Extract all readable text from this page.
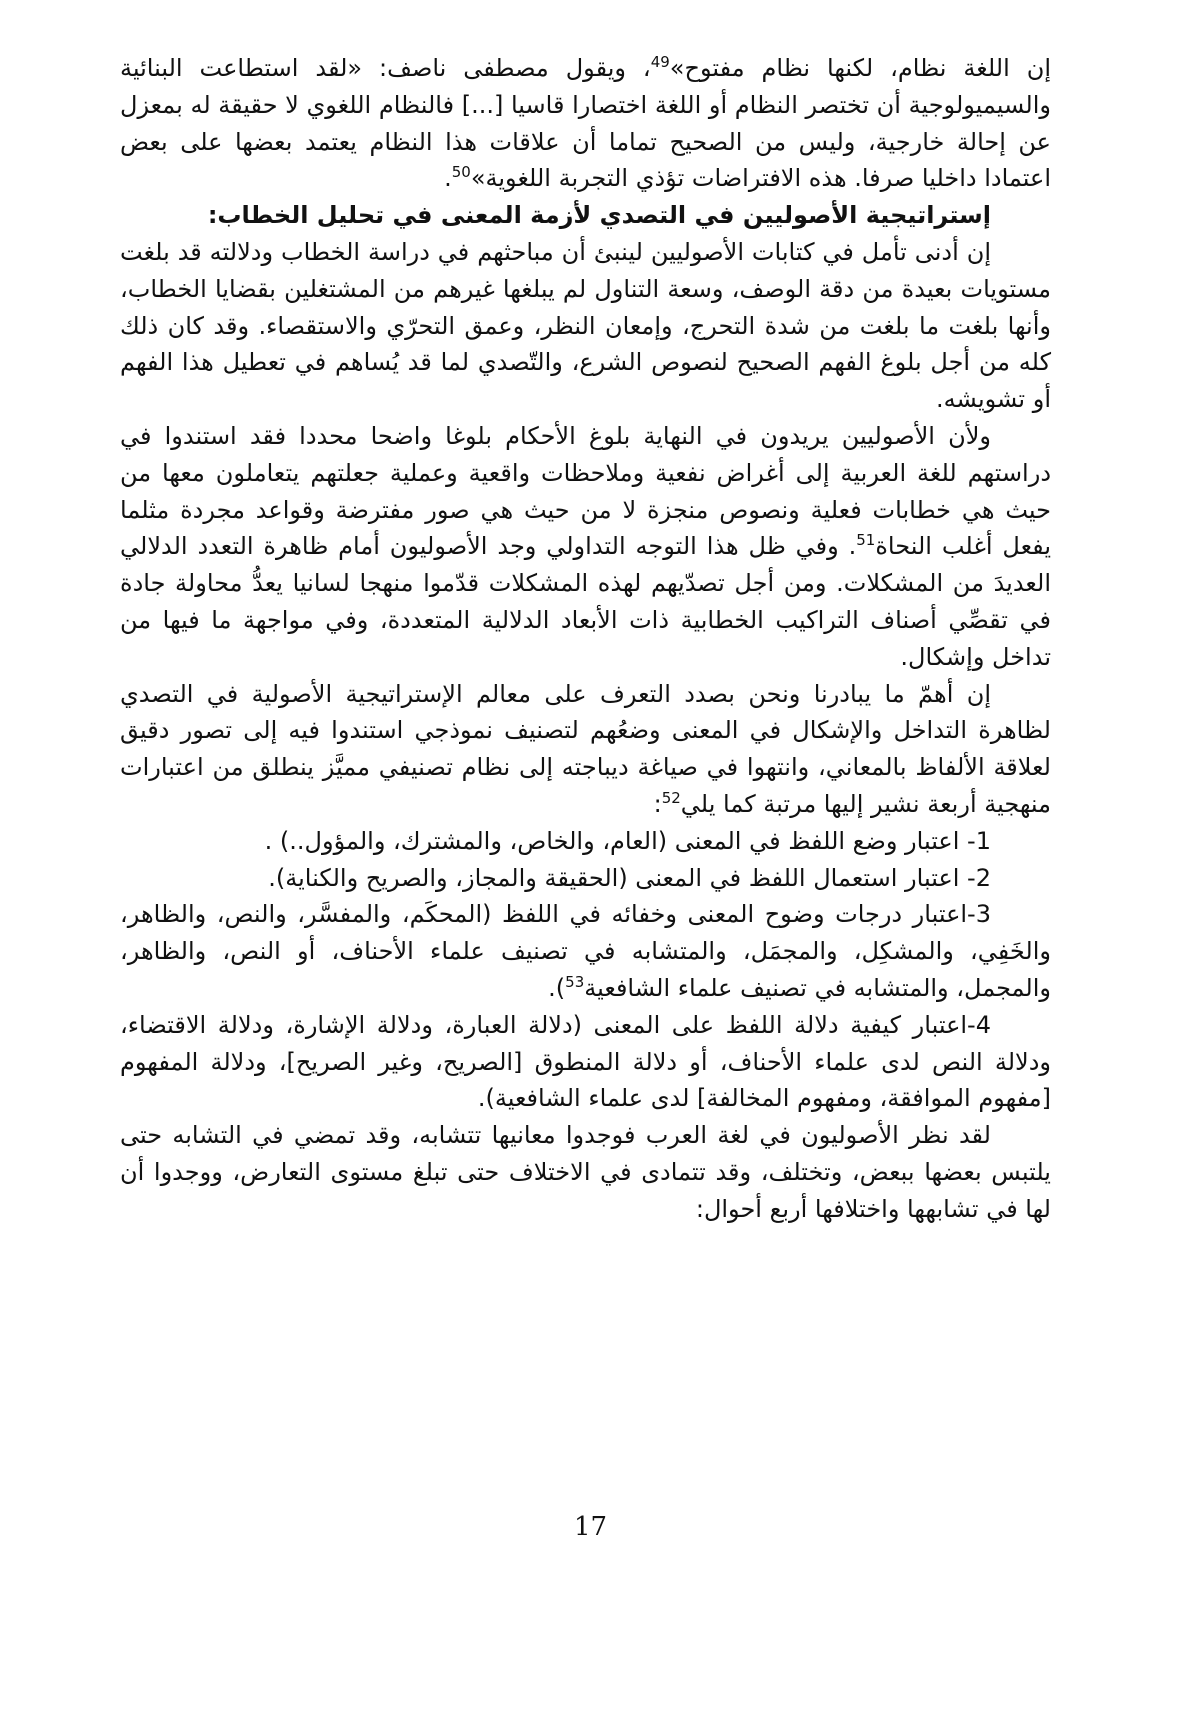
إن اللغة نظام، لكنها نظام مفتوح»$^{49}$، ويقول مصطفى ناصف: «لقد استطاعت البنائية والسيميولوجية أن تختصر النظام أو اللغة اختصارا قاسيا [...] فالنظام اللغوي لا حقيقة له بمعزل عن إحالة خارجية، وليس من الصحيح تماما أن علاقات هذا النظام يعتمد بعضها على بعض اعتمادا داخليا صرفا. هذه الافتراضات تؤذي التجربة اللغوية»$^{50}$.

إستراتيجية الأصوليين في التصدي لأزمة المعنى في تحليل الخطاب:

إن أدنى تأمل في كتابات الأصوليين لينبئ أن مباحثهم في دراسة الخطاب ودلالته قد بلغت مستويات بعيدة من دقة الوصف، وسعة التناول لم يبلغها غيرهم من المشتغلين بقضايا الخطاب، وأنها بلغت ما بلغت من شدة التحرج، وإمعان النظر، وعمق التحرّي والاستقصاء. وقد كان ذلك كله من أجل بلوغ الفهم الصحيح لنصوص الشرع، والتّصدي لما قد يُساهم في تعطيل هذا الفهم أو تشويشه.

ولأن الأصوليين يريدون في النهاية بلوغ الأحكام بلوغا واضحا محددا فقد استندوا في دراستهم للغة العربية إلى أغراض نفعية وملاحظات واقعية وعملية جعلتهم يتعاملون معها من حيث هي خطابات فعلية ونصوص منجزة لا من حيث هي صور مفترضة وقواعد مجردة مثلما يفعل أغلب النحاة$^{51}$. وفي ظل هذا التوجه التداولي وجد الأصوليون أمام ظاهرة التعدد الدلالي العديدَ من المشكلات. ومن أجل تصدّيهم لهذه المشكلات قدّموا منهجا لسانيا يعدُّ محاولة جادة في تقصِّي أصناف التراكيب الخطابية ذات الأبعاد الدلالية المتعددة، وفي مواجهة ما فيها من تداخل وإشكال.

إن أهمّ ما يبادرنا ونحن بصدد التعرف على معالم الإستراتيجية الأصولية في التصدي لظاهرة التداخل والإشكال في المعنى وضعُهم لتصنيف نموذجي استندوا فيه إلى تصور دقيق لعلاقة الألفاظ بالمعاني، وانتهوا في صياغة ديباجته إلى نظام تصنيفي مميَّز ينطلق من اعتبارات منهجية أربعة نشير إليها مرتبة كما يلي$^{52}$:

1- اعتبار وضع اللفظ في المعنى (العام، والخاص، والمشترك، والمؤول..) .

2- اعتبار استعمال اللفظ في المعنى (الحقيقة والمجاز، والصريح والكناية).

3-اعتبار درجات وضوح المعنى وخفائه في اللفظ (المحكَم، والمفسَّر، والنص، والظاهر، والخَفِي، والمشكِل، والمجمَل، والمتشابه في تصنيف علماء الأحناف، أو النص، والظاهر، والمجمل، والمتشابه في تصنيف علماء الشافعية$^{53}$).

4-اعتبار كيفية دلالة اللفظ على المعنى (دلالة العبارة، ودلالة الإشارة، ودلالة الاقتضاء، ودلالة النص لدى علماء الأحناف، أو دلالة المنطوق [الصريح، وغير الصريح]، ودلالة المفهوم [مفهوم الموافقة، ومفهوم المخالفة] لدى علماء الشافعية).

لقد نظر الأصوليون في لغة العرب فوجدوا معانيها تتشابه، وقد تمضي في التشابه حتى يلتبس بعضها ببعض، وتختلف، وقد تتمادى في الاختلاف حتى تبلغ مستوى التعارض، ووجدوا أن لها في تشابهها واختلافها أربع أحوال:

17
